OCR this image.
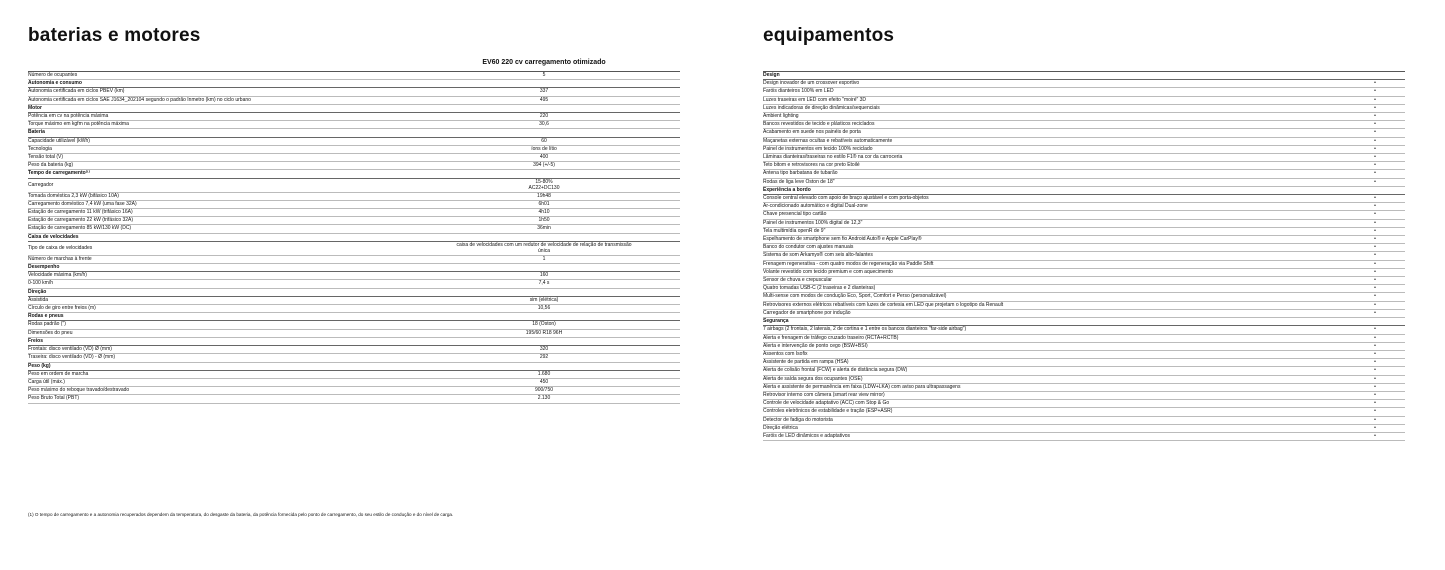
baterias e motores
EV60 220 cv carregamento otimizado
Número de ocupantes	5
Autonomia e consumo
Autonomia certificada em ciclos PBEV (km)	337
Autonomia certificada em ciclos SAE J1634_202104 segundo o padrão Inmetro (km) no ciclo urbano	495
Motor
Potência em cv na potência máxima	220
Torque máximo em kgfm na potência máxima	30,6
Bateria
Capacidade utilizável (kWh)	60
Tecnologia	íons de lítio
Tensão total (V)	400
Peso da bateria (kg)	394 (+/-5)
Tempo de carregamento⁽¹⁾
Carregador	15-80%
AC22+DC130
Tomada doméstica 2,3 kW (bifásico 10A)	19h48
Carregamento doméstico 7,4 kW (uma fase 32A)	6h01
Estação de carregamento 11 kW (trifásico 16A)	4h10
Estação de carregamento 22 kW (trifásico 32A)	1h50
Estação de carregamento 85 kW/130 kW (DC)	36min
Caixa de velocidades
Tipo de caixa de velocidades	caixa de velocidades com um redutor de velocidade de relação de transmissão
única
Número de marchas à frente	1
Desempenho
Velocidade máxima (km/h)	160
0-100 km/h	7,4 s
Direção
Assistida	sim (elétrica)
Círculo de giro entre freios (m)	10,56
Rodas e pneus
Rodas padrão (")	18 (Oston)
Dimensões do pneu	195/60 R18 96H
Freios
Frontais: disco ventilado (VD) Ø (mm)	320
Traseira: disco ventilado (VD) - Ø (mm)	292
Peso (kg)
Peso em ordem de marcha	1.680
Carga útil (máx.)	450
Peso máximo do reboque travado/destravado	900/750
Peso Bruto Total (PBT)	2.130
equipamentos
Design
Design inovador de um crossover esportivo	•
Faróis dianteiros 100% em LED	•
Luzes traseiras em LED com efeito "moiré" 3D	•
Luzes indicadoras de direção dinâmicas/sequenciais	•
Ambient lighting	•
Bancos revestidos de tecido e plásticos reciclados	•
Acabamento em suede nos painéis de porta	•
Maçanetas externas ocultas e rebatíveis automaticamente	•
Painel de instrumentos em tecido 100% reciclado	•
Lâminas dianteiras/traseiras no estilo F1® na cor da carroceria	•
Teto bitom e retrovisores na cor preto Etoilé	•
Antena tipo barbatana de tubarão	•
Rodas de liga leve Oston de 18"	•
Experiência a bordo
Console central elevado com apoio de braço ajustável e com porta-objetos	•
Ar-condicionado automático e digital Dual-zone	•
Chave presencial tipo cartão	•
Painel de instrumentos 100% digital de 12,3"	•
Tela multimídia openR de 9"	•
Espelhamento de smartphone sem fio Android Auto® e Apple CarPlay®	•
Banco do condutor com ajustes manuais	•
Sistema de som Arkamys® com seis alto-falantes	•
Frenagem regenerativa - com quatro modos de regeneração via Paddle Shift	•
Volante revestido com tecido premium e com aquecimento	•
Sensor de chuva e crepuscular	•
Quatro tomadas USB-C (2 traseiras e 2 dianteiras)	•
Multi-sense com modos de condução Eco, Sport, Comfort e Perso (personalizável)	•
Retrovisores externos elétricos rebatíveis com luzes de cortesia em LED que projetam o logotipo da Renault	•
Carregador de smartphone por indução	•
Segurança
7 airbags (2 frontais, 2 laterais, 2 de cortina e 1 entre os bancos dianteiros "far-side airbag")	•
Alerta e frenagem de tráfego cruzado traseiro (RCTA+RCTB)	•
Alerta e intervenção de ponto cego (BSW+BSI)	•
Assentos com Isofix	•
Assistente de partida em rampa (HSA)	•
Alerta de colisão frontal (FCW) e alerta de distância segura (DW)	•
Alerta de saída segura dos ocupantes (OSE)	•
Alerta e assistente de permanência em faixa (LDW+LKA) com aviso para ultrapassagens	•
Retrovisor interno com câmera (smart rear view mirror)	•
Controle de velocidade adaptativo (ACC) com Stop & Go	•
Controles eletrônicos de estabilidade e tração (ESP+ASR)	•
Detector de fadiga do motorista	•
Direção elétrica	•
Faróis de LED dinâmicos e adaptativos	•
(1) O tempo de carregamento e a autonomia recuperados dependem da temperatura, do desgaste da bateria, da potência fornecida pelo ponto de carregamento, do seu estilo de condução e do nível de carga.
